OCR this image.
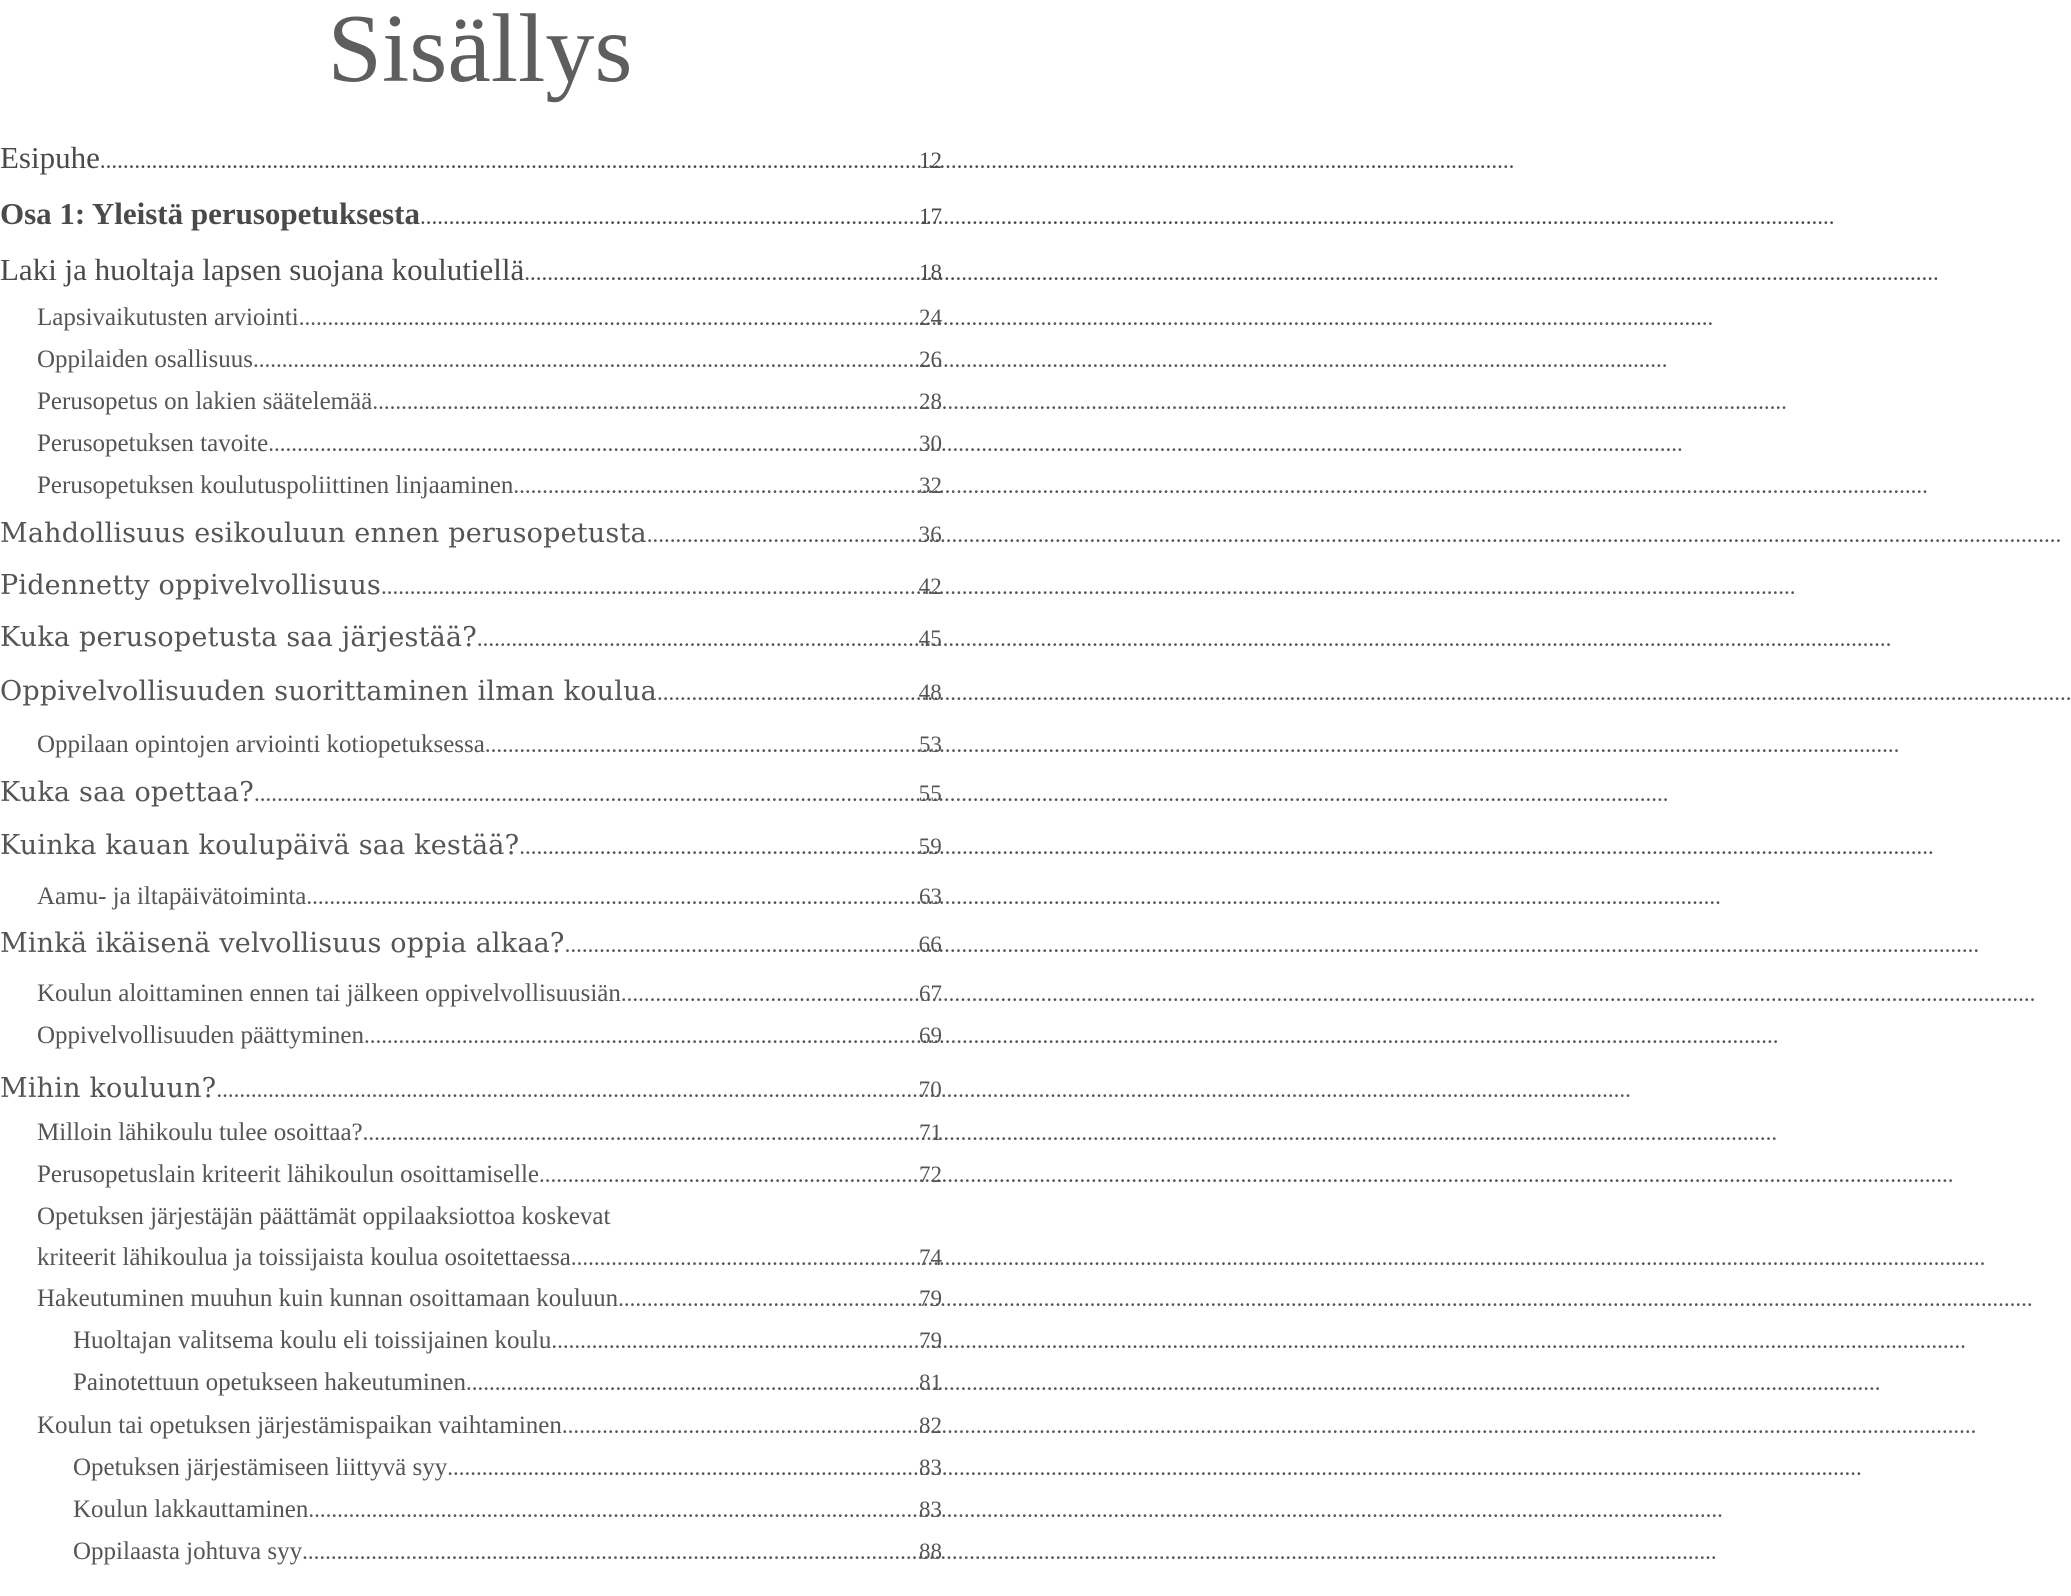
Sisällys
Esipuhe .....	12
Osa 1: Yleistä perusopetuksesta .....	17
Laki ja huoltaja lapsen suojana koulutiellä .....	18
Lapsivaikutusten arviointi .....	24
Oppilaiden osallisuus .....	26
Perusopetus on lakien säätelemää .....	28
Perusopetuksen tavoite .....	30
Perusopetuksen koulutuspoliittinen linjaaminen .....	32
Mahdollisuus esikouluun ennen perusopetusta .....	36
Pidennetty oppivelvollisuus .....	42
Kuka perusopetusta saa järjestää? .....	45
Oppivelvollisuuden suorittaminen ilman koulua .....	48
Oppilaan opintojen arviointi kotiopetuksessa .....	53
Kuka saa opettaa? .....	55
Kuinka kauan koulupäivä saa kestää? .....	59
Aamu- ja iltapäivätoiminta .....	63
Minkä ikäisenä velvollisuus oppia alkaa? .....	66
Koulun aloittaminen ennen tai jälkeen oppivelvollisuusiän .....	67
Oppivelvollisuuden päättyminen .....	69
Mihin kouluun? .....	70
Milloin lähikoulu tulee osoittaa? .....	71
Perusopetuslain kriteerit lähikoulun osoittamiselle .....	72
Opetuksen järjestäjän päättämät oppilaaksiottoa koskevat
kriteerit lähikoulua ja toissijaista koulua osoitettaessa .....	74
Hakeutuminen muuhun kuin kunnan osoittamaan kouluun .....	79
Huoltajan valitsema koulu eli toissijainen koulu .....	79
Painotettuun opetukseen hakeutuminen .....	81
Koulun tai opetuksen järjestämispaikan vaihtaminen .....	82
Opetuksen järjestämiseen liittyvä syy .....	83
Koulun lakkauttaminen .....	83
Oppilaasta johtuva syy .....	88
